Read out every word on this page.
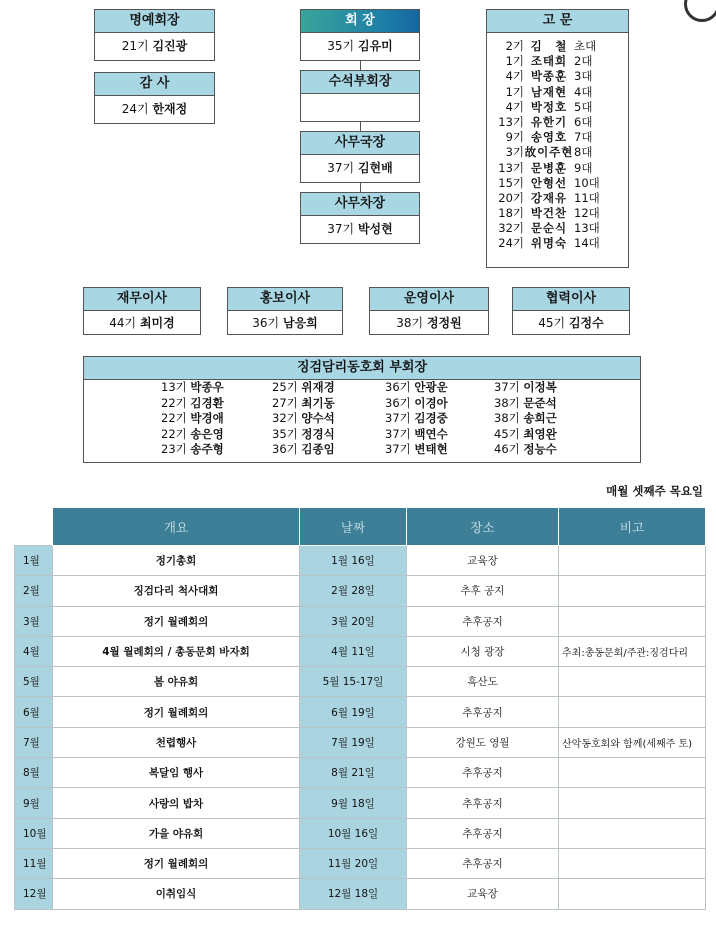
명예회장
21기 김진광
감 사
24기 한재정
회 장
35기 김유미
수석부회장
사무국장
37기 김현배
사무차장
37기 박성현
고 문
2기 김　철 초대
1기 조태희 2대
4기 박종훈 3대
1기 남재현 4대
4기 박정호 5대
13기 유한기 6대
9기 송영호 7대
3기故이주현8대
13기 문병훈 9대
15기 안형선 10대
20기 강재유 11대
18기 박건찬 12대
32기 문순식 13대
24기 위명숙 14대
재무이사
44기 최미경
홍보이사
36기 남응희
운영이사
38기 정정원
협력이사
45기 김정수
징검담리동호회 부회장
13기 박종우	25기 위재경	36기 안광운	37기 이정복
22기 김경환	27기 최기동	36기 이경아	38기 문준석
22기 박경애	32기 양수석	37기 김경중	38기 송희근
22기 송은영	35기 정경식	37기 백연수	45기 최영완
23기 송주형	36기 김종임	37기 변태현	46기 정능수
매월 셋째주 목요일
	개요	날짜	장소	비고
1월	정기총회	1월 16일	교육장	
2월	징검다리 척사대회	2월 28일	추후 공지	
3월	정기 월례회의	3월 20일	추후공지	
4월	4월 월례회의 / 총동문회 바자회	4월 11일	시청 광장	추최:총동문회/주관:징검다리
5월	봄 야유회	5월 15-17일	흑산도	
6월	정기 월례회의	6월 19일	추후공지	
7월	천렵행사	7월 19일	강원도 영월	산악동호회와 함께(세째주 토)
8월	복달임 행사	8월 21일	추후공지	
9월	사랑의 밥차	9월 18일	추후공지	
10월	가을 야유회	10월 16일	추후공지	
11월	정기 월례회의	11월 20일	추후공지	
12월	이취임식	12월 18일	교육장	
